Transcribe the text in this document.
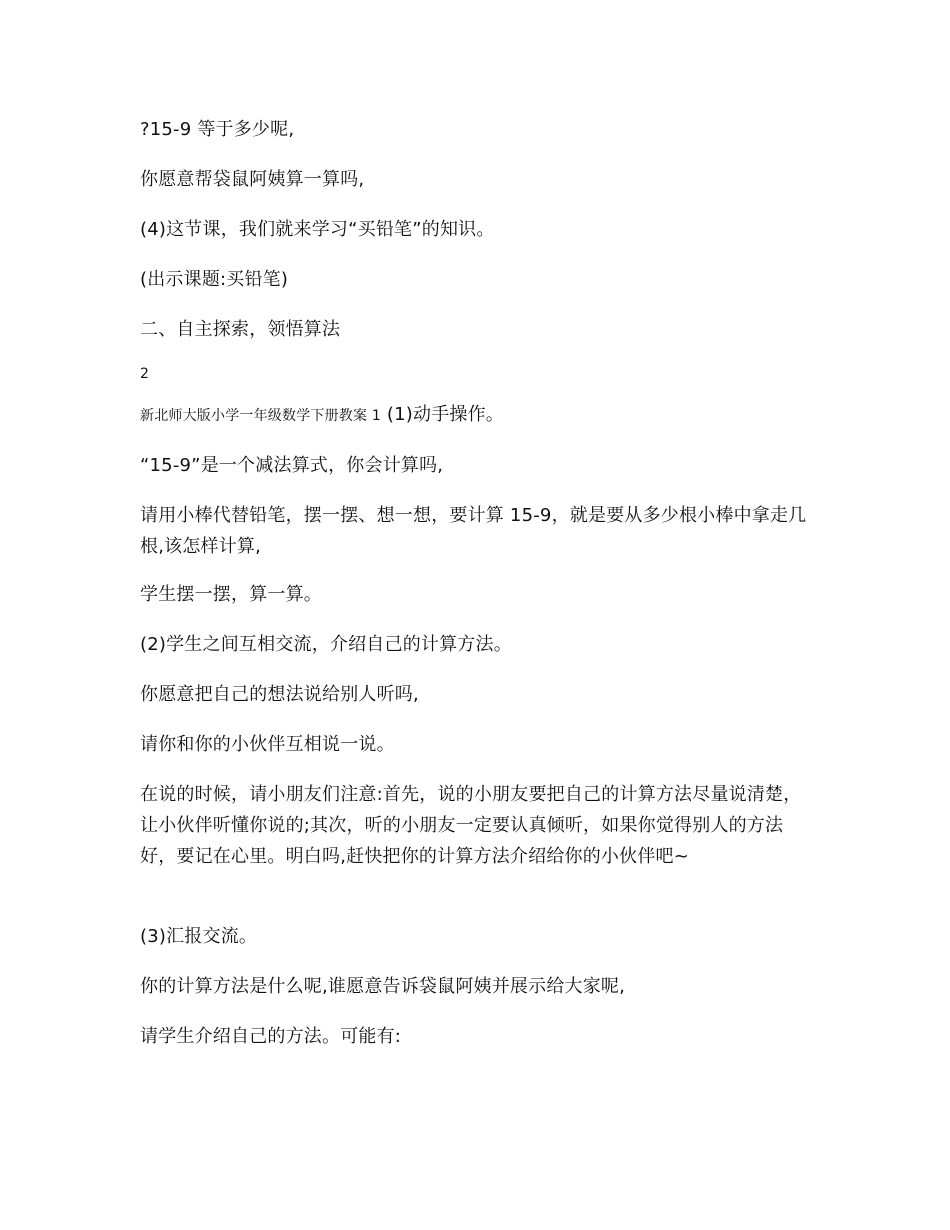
?15-9 等于多少呢,
你愿意帮袋鼠阿姨算一算吗,
(4)这节课，我们就来学习“买铅笔”的知识。
(出示课题:买铅笔)
二、自主探索，领悟算法
2
新北师大版小学一年级数学下册教案 1 (1)动手操作。
“15-9”是一个减法算式，你会计算吗,
请用小棒代替铅笔，摆一摆、想一想，要计算 15-9，就是要从多少根小棒中拿走几根,该怎样计算,
学生摆一摆，算一算。
(2)学生之间互相交流，介绍自己的计算方法。
你愿意把自己的想法说给别人听吗,
请你和你的小伙伴互相说一说。
在说的时候，请小朋友们注意:首先，说的小朋友要把自己的计算方法尽量说清楚，让小伙伴听懂你说的;其次，听的小朋友一定要认真倾听，如果你觉得别人的方法好，要记在心里。明白吗,赶快把你的计算方法介绍给你的小伙伴吧~
(3)汇报交流。
你的计算方法是什么呢,谁愿意告诉袋鼠阿姨并展示给大家呢,
请学生介绍自己的方法。可能有:
